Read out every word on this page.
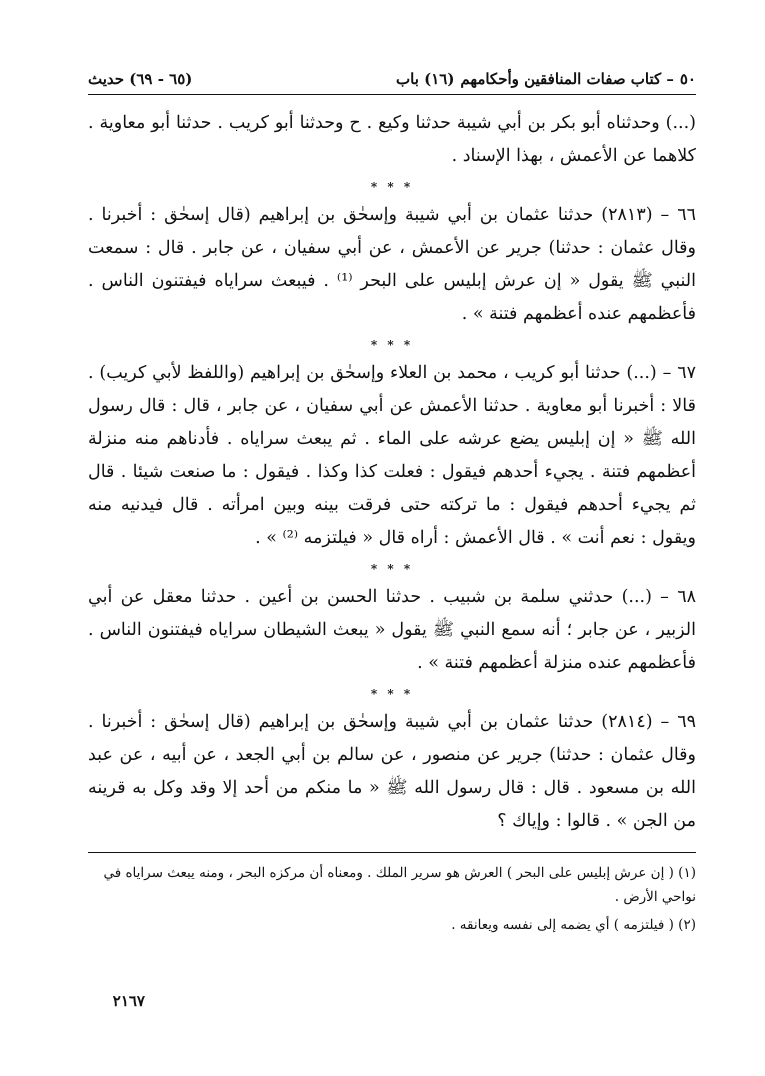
٥٠
– كتاب صفات المنافقين وأحكامهم
(١٦) باب
(٦٥ - ٦٩) حديث

(...) وحدثناه أبو بكر بن أبي شيبة حدثنا وكيع . ح وحدثنا أبو كريب . حدثنا أبو معاوية . كلاهما عن الأعمش ، بهذا الإسناد .

* * *

٦٦ – (٢٨١٣) حدثنا عثمان بن أبي شيبة وإسحٰق بن إبراهيم (قال إسحٰق : أخبرنا . وقال عثمان : حدثنا) جرير عن الأعمش ، عن أبي سفيان ، عن جابر . قال : سمعت النبي ﷺ يقول « إن عرش إبليس على البحر ⁽¹⁾ . فيبعث سراياه فيفتنون الناس . فأعظمهم عنده أعظمهم فتنة » .

* * *

٦٧ – (...) حدثنا أبو كريب ، محمد بن العلاء وإسحٰق بن إبراهيم (واللفظ لأبي كريب) . قالا : أخبرنا أبو معاوية . حدثنا الأعمش عن أبي سفيان ، عن جابر ، قال : قال رسول الله ﷺ « إن إبليس يضع عرشه على الماء . ثم يبعث سراياه . فأدناهم منه منزلة أعظمهم فتنة . يجيء أحدهم فيقول : فعلت كذا وكذا . فيقول : ما صنعت شيئا . قال ثم يجيء أحدهم فيقول : ما تركته حتى فرقت بينه وبين امرأته . قال فيدنيه منه ويقول : نعم أنت » . قال الأعمش : أراه قال « فيلتزمه ⁽²⁾ » .

* * *

٦٨ – (...) حدثني سلمة بن شبيب . حدثنا الحسن بن أعين . حدثنا معقل عن أبي الزبير ، عن جابر ؛ أنه سمع النبي ﷺ يقول « يبعث الشيطان سراياه فيفتنون الناس . فأعظمهم عنده منزلة أعظمهم فتنة » .

* * *

٦٩ – (٢٨١٤) حدثنا عثمان بن أبي شيبة وإسحٰق بن إبراهيم (قال إسحٰق : أخبرنا . وقال عثمان : حدثنا) جرير عن منصور ، عن سالم بن أبي الجعد ، عن أبيه ، عن عبد الله بن مسعود . قال : قال رسول الله ﷺ « ما منكم من أحد إلا وقد وكل به قرينه من الجن » . قالوا : وإياك ؟

(١) ( إن عرش إبليس على البحر ) العرش هو سرير الملك . ومعناه أن مركزه البحر ، ومنه يبعث سراياه في نواحي الأرض .

(٢) ( فيلتزمه ) أي يضمه إلى نفسه ويعانقه .

٢١٦٧
